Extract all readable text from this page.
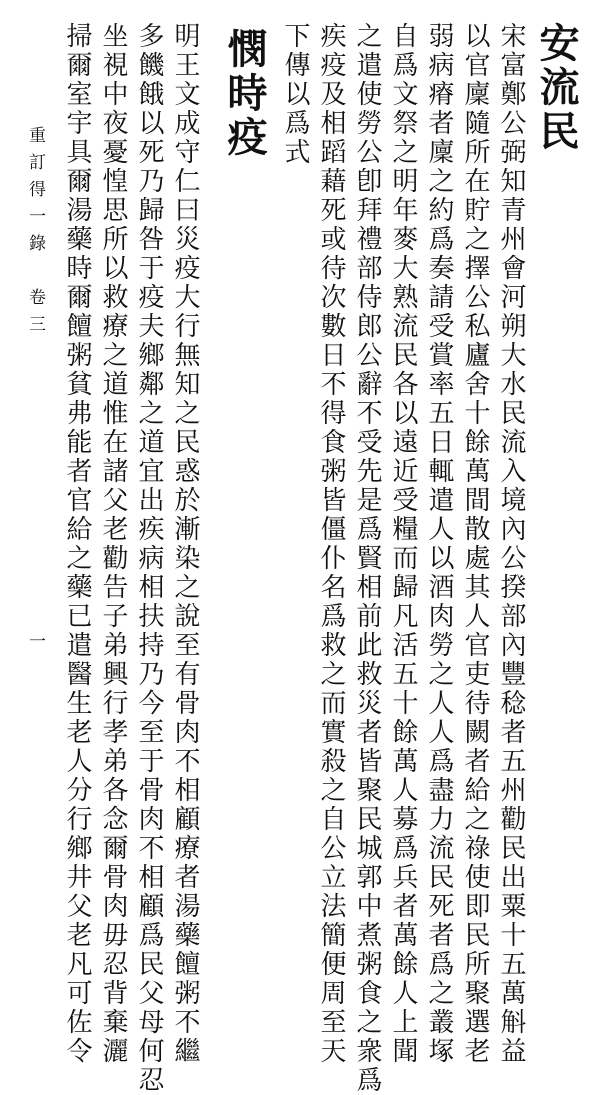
安流民
宋富鄭公弼知青州會河朔大水民流入境內公揆部內豐稔者五州勸民出粟十五萬斛益
以官廩隨所在貯之擇公私廬舍十餘萬間散處其人官吏待闕者給之祿使即民所聚選老
弱病瘠者廩之約爲奏請受賞率五日輒遣人以酒肉勞之人人爲盡力流民死者爲之叢塚
自爲文祭之明年麥大熟流民各以遠近受糧而歸凡活五十餘萬人募爲兵者萬餘人上聞
之遣使勞公卽拜禮部侍郎公辭不受先是爲賢相前此救災者皆聚民城郭中煮粥食之衆爲
疾疫及相蹈藉死或待次數日不得食粥皆僵仆名爲救之而實殺之自公立法簡便周至天
下傳以爲式
憫時疫
明王文成守仁曰災疫大行無知之民惑於漸染之說至有骨肉不相顧療者湯藥饘粥不繼
多饑餓以死乃歸咎于疫夫鄉鄰之道宜出疾病相扶持乃今至于骨肉不相顧爲民父母何忍
坐視中夜憂惶思所以救療之道惟在諸父老勸告子弟興行孝弟各念爾骨肉毋忍背棄灑
掃爾室宇具爾湯藥時爾饘粥貧弗能者官給之藥已遣醫生老人分行鄉井父老凡可佐令
重訂得一錄　卷三
一
